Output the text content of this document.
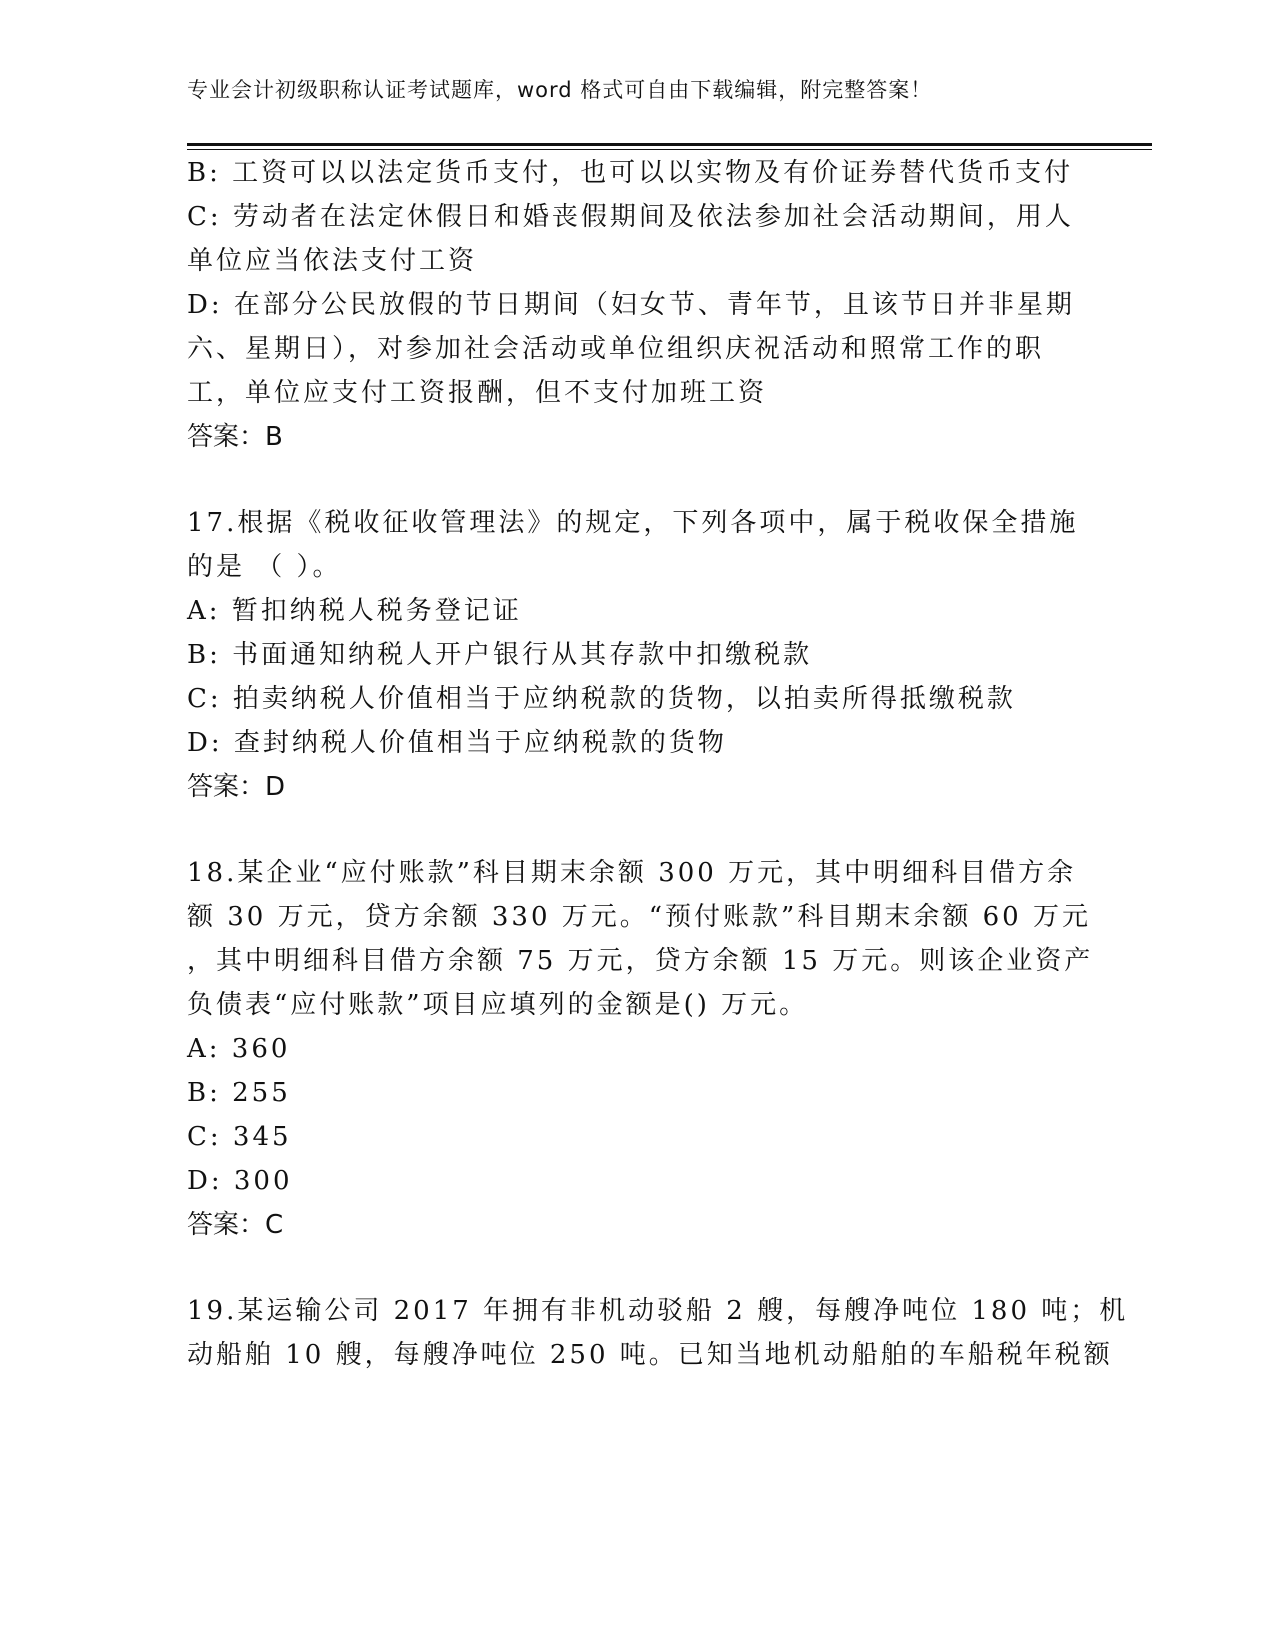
专业会计初级职称认证考试题库，word 格式可自由下载编辑，附完整答案！
B: 工资可以以法定货币支付，也可以以实物及有价证券替代货币支付
C: 劳动者在法定休假日和婚丧假期间及依法参加社会活动期间，用人
单位应当依法支付工资
D: 在部分公民放假的节日期间（妇女节、青年节，且该节日并非星期
六、星期日），对参加社会活动或单位组织庆祝活动和照常工作的职
工，单位应支付工资报酬，但不支付加班工资
答案：B
17.根据《税收征收管理法》的规定，下列各项中，属于税收保全措施
的是 （ ）。
A: 暂扣纳税人税务登记证
B: 书面通知纳税人开户银行从其存款中扣缴税款
C: 拍卖纳税人价值相当于应纳税款的货物，以拍卖所得抵缴税款
D: 查封纳税人价值相当于应纳税款的货物
答案：D
18.某企业“应付账款”科目期末余额 300 万元，其中明细科目借方余
额 30 万元，贷方余额 330 万元。“预付账款”科目期末余额 60 万元
，其中明细科目借方余额 75 万元，贷方余额 15 万元。则该企业资产
负债表“应付账款”项目应填列的金额是() 万元。
A: 360
B: 255
C: 345
D: 300
答案：C
19.某运输公司 2017 年拥有非机动驳船 2 艘，每艘净吨位 180 吨；机
动船舶 10 艘，每艘净吨位 250 吨。已知当地机动船舶的车船税年税额
